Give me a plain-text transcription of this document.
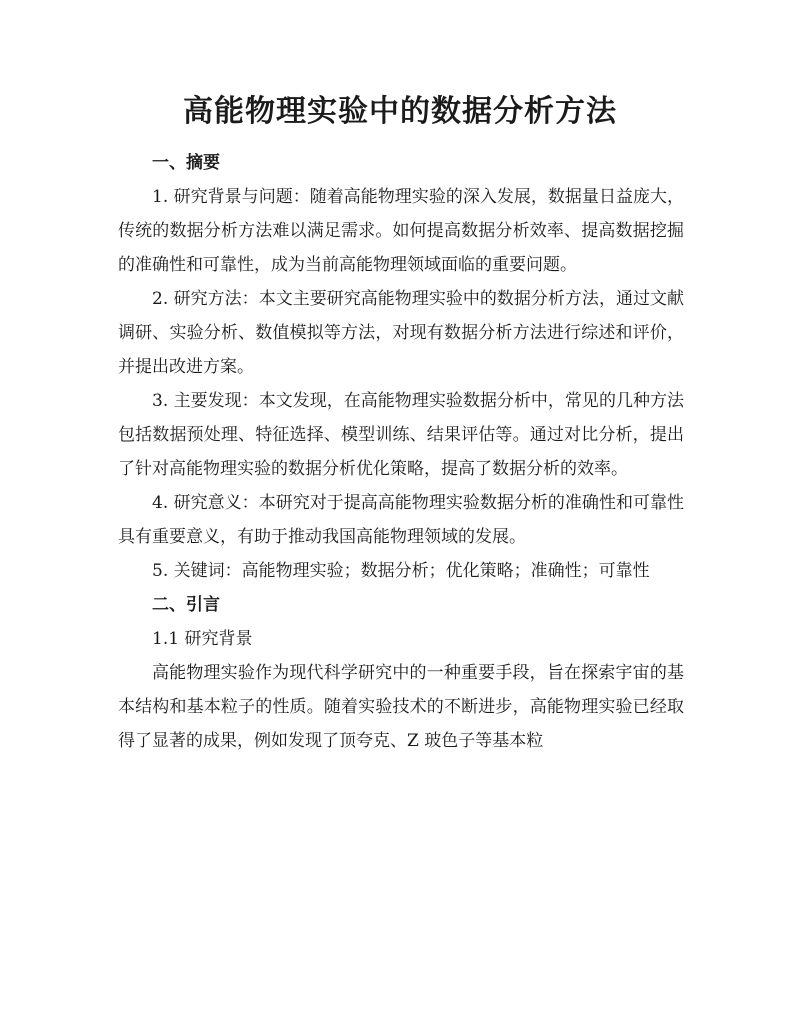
高能物理实验中的数据分析方法

一、摘要

1. 研究背景与问题：随着高能物理实验的深入发展，数据量日益庞大，传统的数据分析方法难以满足需求。如何提高数据分析效率、提高数据挖掘的准确性和可靠性，成为当前高能物理领域面临的重要问题。

2. 研究方法：本文主要研究高能物理实验中的数据分析方法，通过文献调研、实验分析、数值模拟等方法，对现有数据分析方法进行综述和评价，并提出改进方案。

3. 主要发现：本文发现，在高能物理实验数据分析中，常见的几种方法包括数据预处理、特征选择、模型训练、结果评估等。通过对比分析，提出了针对高能物理实验的数据分析优化策略，提高了数据分析的效率。

4. 研究意义：本研究对于提高高能物理实验数据分析的准确性和可靠性具有重要意义，有助于推动我国高能物理领域的发展。

5. 关键词：高能物理实验；数据分析；优化策略；准确性；可靠性

二、引言

1.1 研究背景

高能物理实验作为现代科学研究中的一种重要手段，旨在探索宇宙的基本结构和基本粒子的性质。随着实验技术的不断进步，高能物理实验已经取得了显著的成果，例如发现了顶夸克、Z 玻色子等基本粒
